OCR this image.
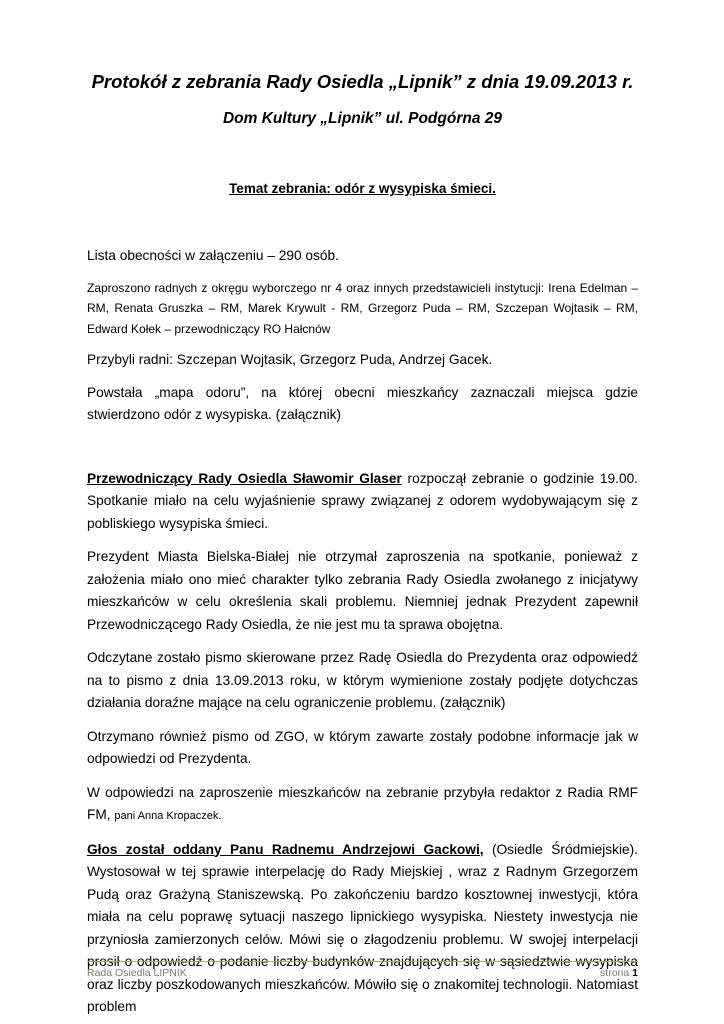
Protokół z zebrania Rady Osiedla „Lipnik” z dnia 19.09.2013 r.
Dom Kultury „Lipnik” ul. Podgórna 29
Temat zebrania: odór z wysypiska śmieci.

Lista obecności w załączeniu – 290 osób.

Zaproszono radnych z okręgu wyborczego nr 4 oraz innych przedstawicieli instytucji: Irena Edelman – RM, Renata Gruszka – RM, Marek Krywult - RM, Grzegorz Puda – RM, Szczepan Wojtasik – RM, Edward Kołek – przewodniczący RO Hałcnów

Przybyli radni: Szczepan Wojtasik, Grzegorz Puda, Andrzej Gacek.

Powstała „mapa odoru”, na której obecni mieszkańcy zaznaczali miejsca gdzie stwierdzono odór z wysypiska. (załącznik)

Przewodniczący Rady Osiedla Sławomir Glaser rozpoczął zebranie o godzinie 19.00. Spotkanie miało na celu wyjaśnienie sprawy związanej z odorem wydobywającym się z pobliskiego wysypiska śmieci.

Prezydent Miasta Bielska-Białej nie otrzymał zaproszenia na spotkanie, ponieważ z założenia miało ono mieć charakter tylko zebrania Rady Osiedla zwołanego z inicjatywy mieszkańców w celu określenia skali problemu. Niemniej jednak Prezydent zapewnił Przewodniczącego Rady Osiedla, że nie jest mu ta sprawa obojętna.

Odczytane zostało pismo skierowane przez Radę Osiedla do Prezydenta oraz odpowiedź na to pismo z dnia 13.09.2013 roku, w którym wymienione zostały podjęte dotychczas działania doraźne mające na celu ograniczenie problemu. (załącznik)

Otrzymano również pismo od ZGO, w którym zawarte zostały podobne informacje jak w odpowiedzi od Prezydenta.

W odpowiedzi na zaproszenie mieszkańców na zebranie przybyła redaktor z Radia RMF FM, pani Anna Kropaczek.

Głos został oddany Panu Radnemu Andrzejowi Gackowi, (Osiedle Śródmiejskie). Wystosował w tej sprawie interpelację do Rady Miejskiej , wraz z Radnym Grzegorzem Pudą oraz Grażyną Staniszewską. Po zakończeniu bardzo kosztownej inwestycji, która miała na celu poprawę sytuacji naszego lipnickiego wysypiska. Niestety inwestycja nie przyniosła zamierzonych celów. Mówi się o złagodzeniu problemu. W swojej interpelacji prosił o odpowiedź o podanie liczby budynków znajdujących się w sąsiedztwie wysypiska oraz liczby poszkodowanych mieszkańców. Mówiło się o znakomitej technologii. Natomiast problem

Rada Osiedla LIPNIK	strona 1
